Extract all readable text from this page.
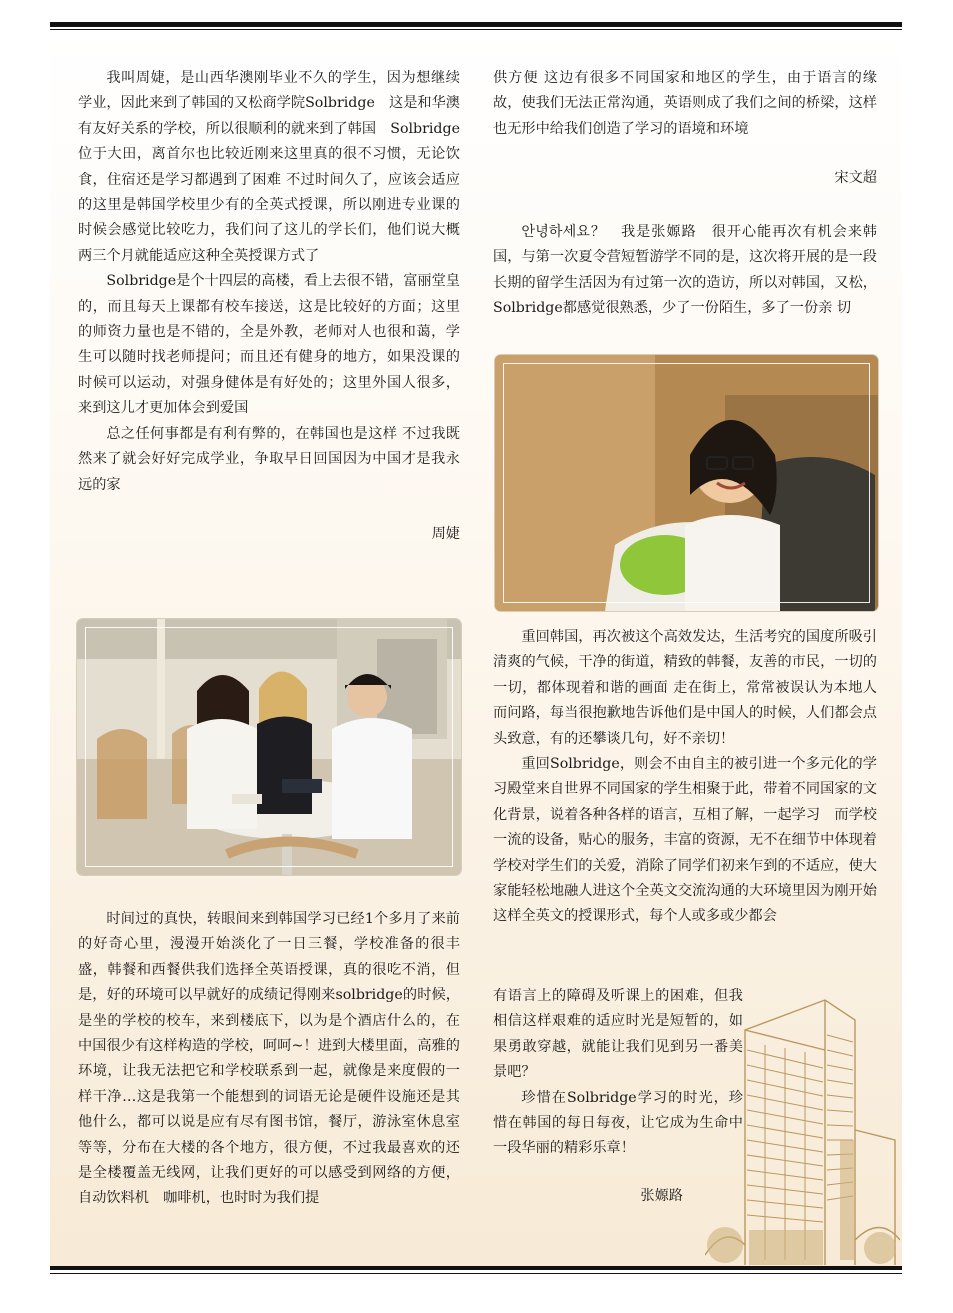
我叫周婕，是山西华澳刚毕业不久的学生，因为想继续学业，因此来到了韩国的又松商学院Solbridge　这是和华澳有友好关系的学校，所以很顺利的就来到了韩国　Solbridge位于大田，离首尔也比较近刚来这里真的很不习惯，无论饮食，住宿还是学习都遇到了困难 不过时间久了，应该会适应的这里是韩国学校里少有的全英式授课，所以刚进专业课的时候会感觉比较吃力，我们问了这儿的学长们，他们说大概两三个月就能适应这种全英授课方式了

Solbridge是个十四层的高楼，看上去很不错，富丽堂皇的，而且每天上课都有校车接送，这是比较好的方面；这里的师资力量也是不错的，全是外教，老师对人也很和蔼，学生可以随时找老师提问；而且还有健身的地方，如果没课的时候可以运动，对强身健体是有好处的；这里外国人很多，来到这儿才更加体会到爱国

总之任何事都是有利有弊的，在韩国也是这样 不过我既然来了就会好好完成学业，争取早日回国因为中国才是我永远的家

周婕

时间过的真快，转眼间来到韩国学习已经1个多月了来前的好奇心里，漫漫开始淡化了一日三餐，学校准备的很丰盛，韩餐和西餐供我们选择全英语授课，真的很吃不消，但是，好的环境可以早就好的成绩记得刚来solbridge的时候，是坐的学校的校车，来到楼底下，以为是个酒店什么的，在中国很少有这样构造的学校，呵呵~！进到大楼里面，高雅的环境，让我无法把它和学校联系到一起，就像是来度假的一样干净…这是我第一个能想到的词语无论是硬件设施还是其他什么，都可以说是应有尽有图书馆，餐厅，游泳室休息室等等，分布在大楼的各个地方，很方便，不过我最喜欢的还是全楼覆盖无线网，让我们更好的可以感受到网络的方便，自动饮料机　咖啡机，也时时为我们提

供方便 这边有很多不同国家和地区的学生，由于语言的缘故，使我们无法正常沟通，英语则成了我们之间的桥梁，这样也无形中给我们创造了学习的语境和环境

宋文超

안녕하세요？　我是张嫄路　很开心能再次有机会来韩国，与第一次夏令营短暂游学不同的是，这次将开展的是一段长期的留学生活因为有过第一次的造访，所以对韩国，又松，Solbridge都感觉很熟悉，少了一份陌生，多了一份亲 切

重回韩国，再次被这个高效发达，生活考究的国度所吸引清爽的气候，干净的街道，精致的韩餐，友善的市民，一切的一切，都体现着和谐的画面 走在街上，常常被误认为本地人而问路，每当很抱歉地告诉他们是中国人的时候，人们都会点头致意，有的还攀谈几句，好不亲切！

重回Solbridge，则会不由自主的被引进一个多元化的学习殿堂来自世界不同国家的学生相聚于此，带着不同国家的文化背景，说着各种各样的语言，互相了解，一起学习　而学校一流的设备，贴心的服务，丰富的资源，无不在细节中体现着学校对学生们的关爱，消除了同学们初来乍到的不适应，使大家能轻松地融人进这个全英文交流沟通的大环境里因为刚开始这样全英文的授课形式，每个人或多或少都会

有语言上的障碍及听课上的困难，但我相信这样艰难的适应时光是短暂的，如果勇敢穿越，就能让我们见到另一番美景吧？

珍惜在Solbridge学习的时光，珍惜在韩国的每日每夜，让它成为生命中一段华丽的精彩乐章！

张嫄路
